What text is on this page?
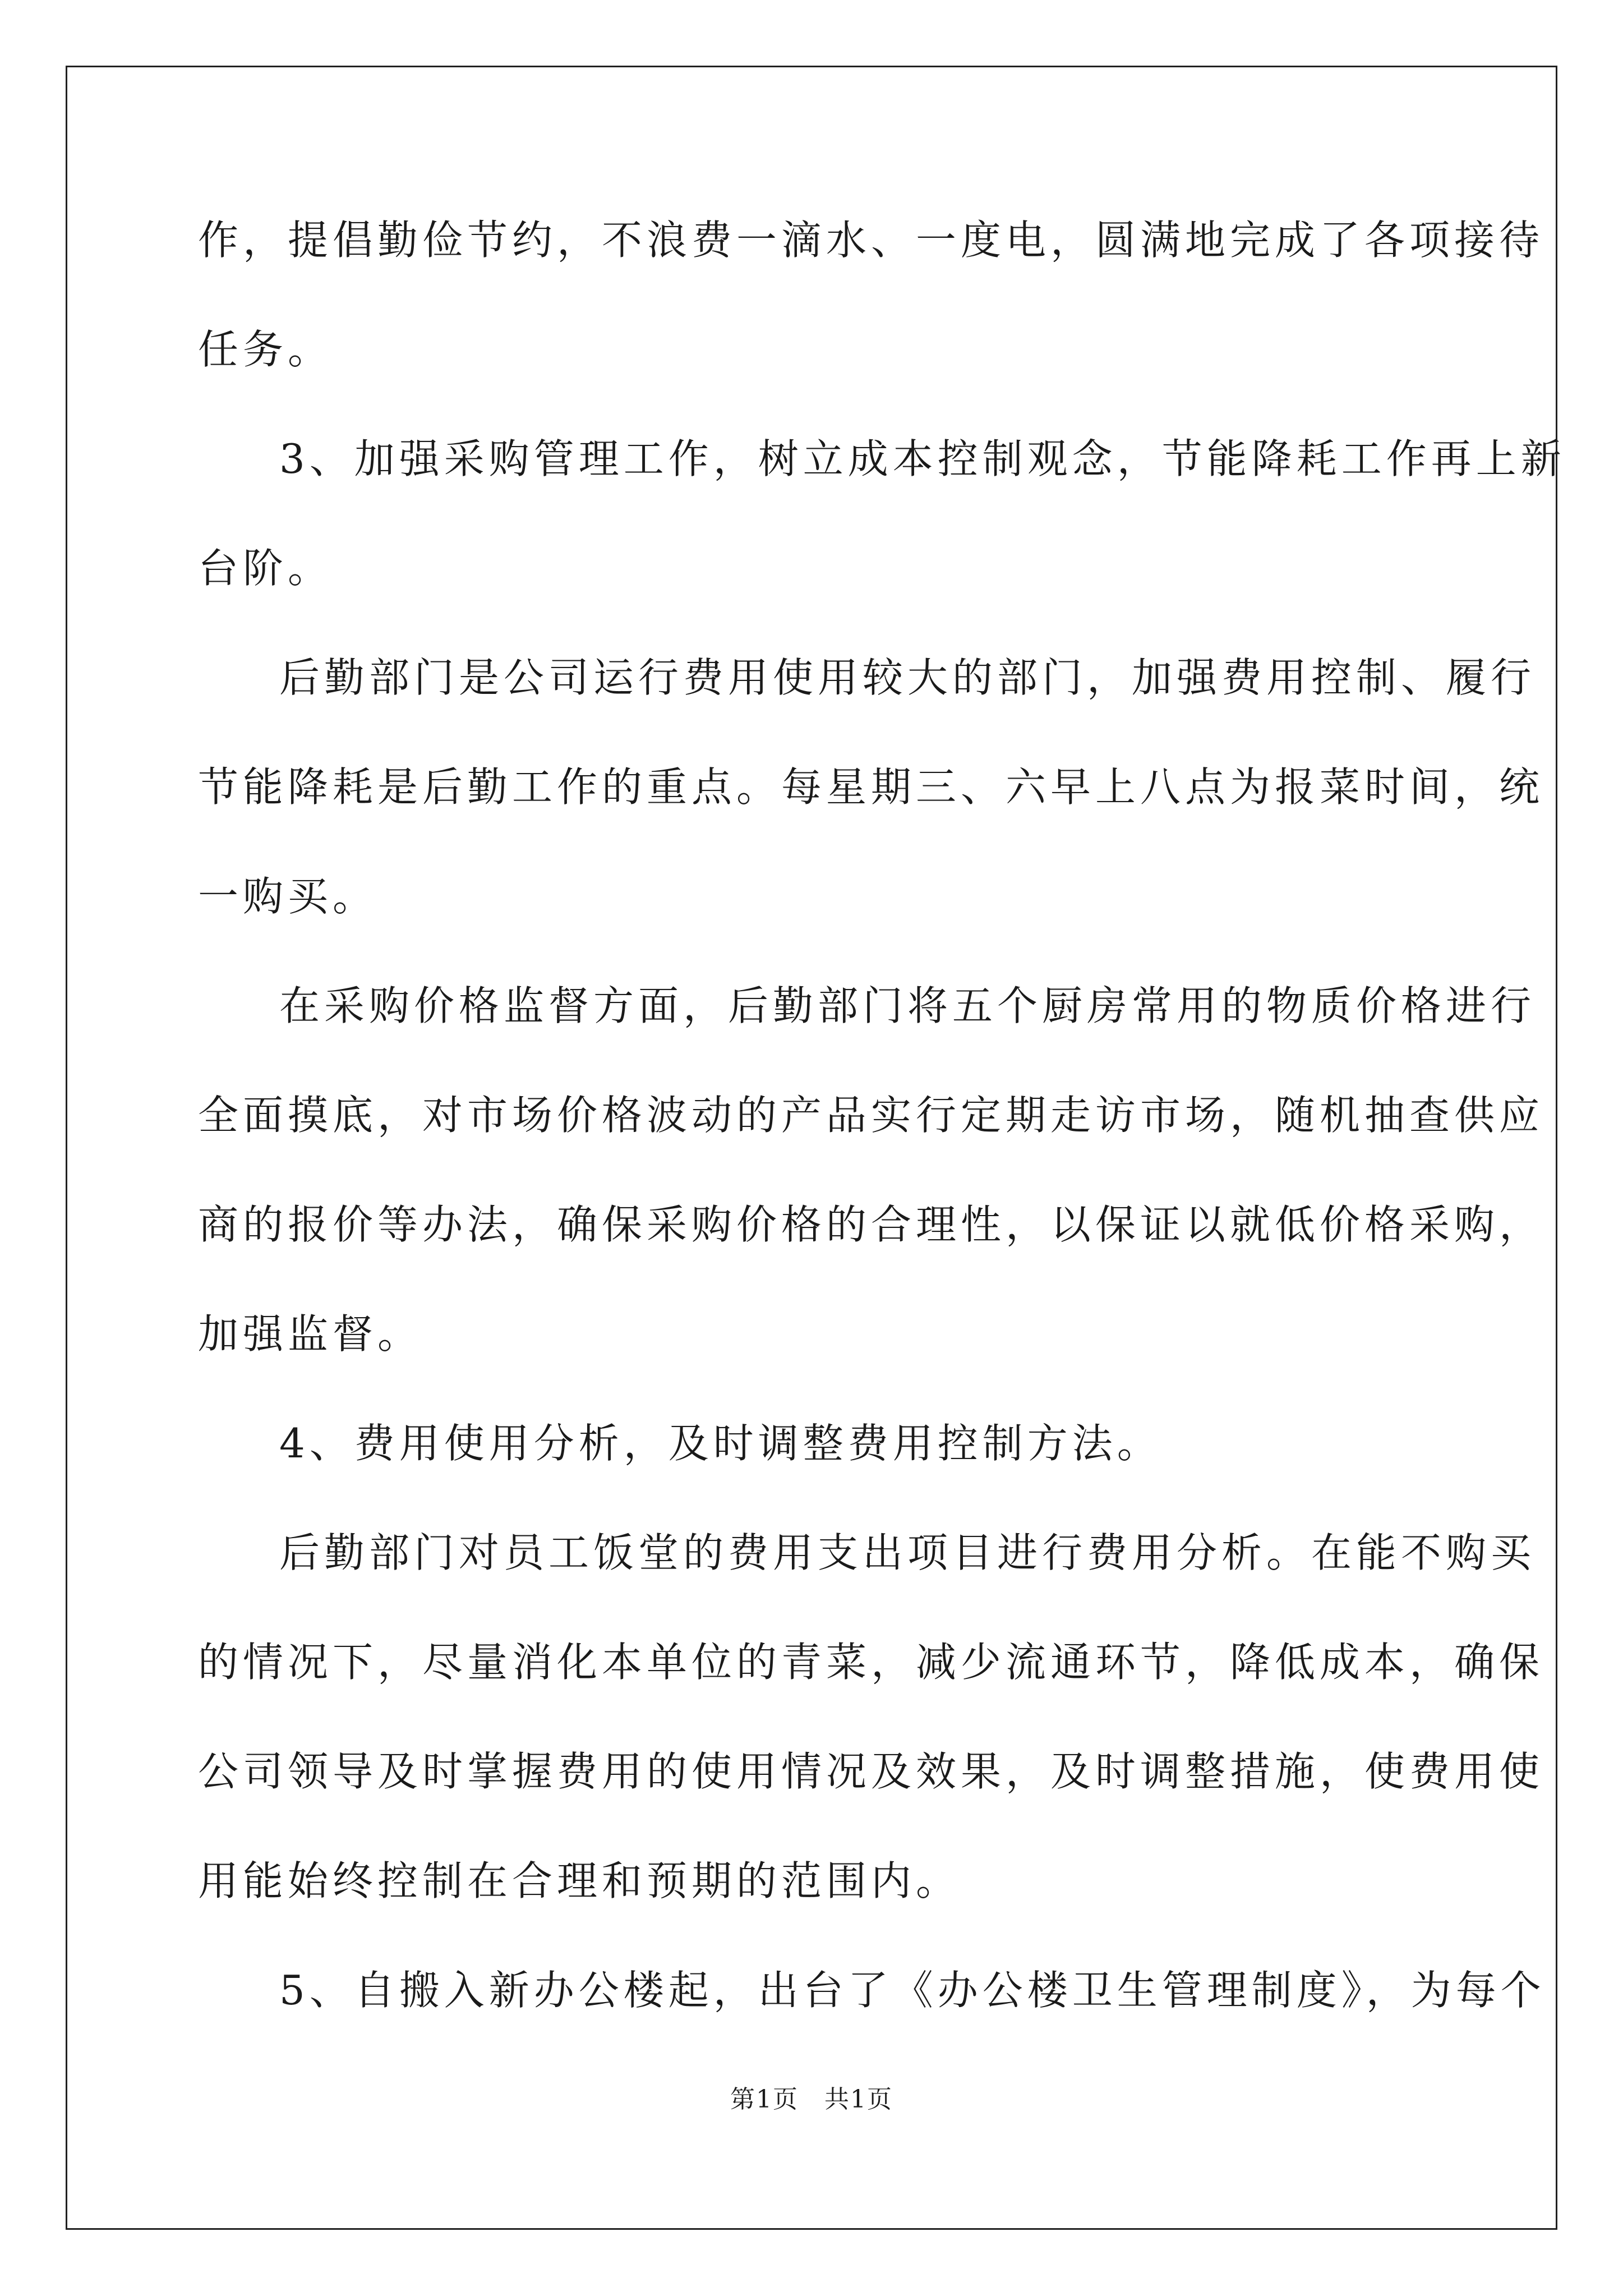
作，提倡勤俭节约，不浪费一滴水、一度电，圆满地完成了各项接待
任务。
3、加强采购管理工作，树立成本控制观念，节能降耗工作再上新
台阶。
后勤部门是公司运行费用使用较大的部门，加强费用控制、履行
节能降耗是后勤工作的重点。每星期三、六早上八点为报菜时间，统
一购买。
在采购价格监督方面，后勤部门将五个厨房常用的物质价格进行
全面摸底，对市场价格波动的产品实行定期走访市场，随机抽查供应
商的报价等办法，确保采购价格的合理性，以保证以就低价格采购，
加强监督。
4、费用使用分析，及时调整费用控制方法。
后勤部门对员工饭堂的费用支出项目进行费用分析。在能不购买
的情况下，尽量消化本单位的青菜，减少流通环节，降低成本，确保
公司领导及时掌握费用的使用情况及效果，及时调整措施，使费用使
用能始终控制在合理和预期的范围内。
5、自搬入新办公楼起，出台了《办公楼卫生管理制度》，为每个
第1页　共1页
